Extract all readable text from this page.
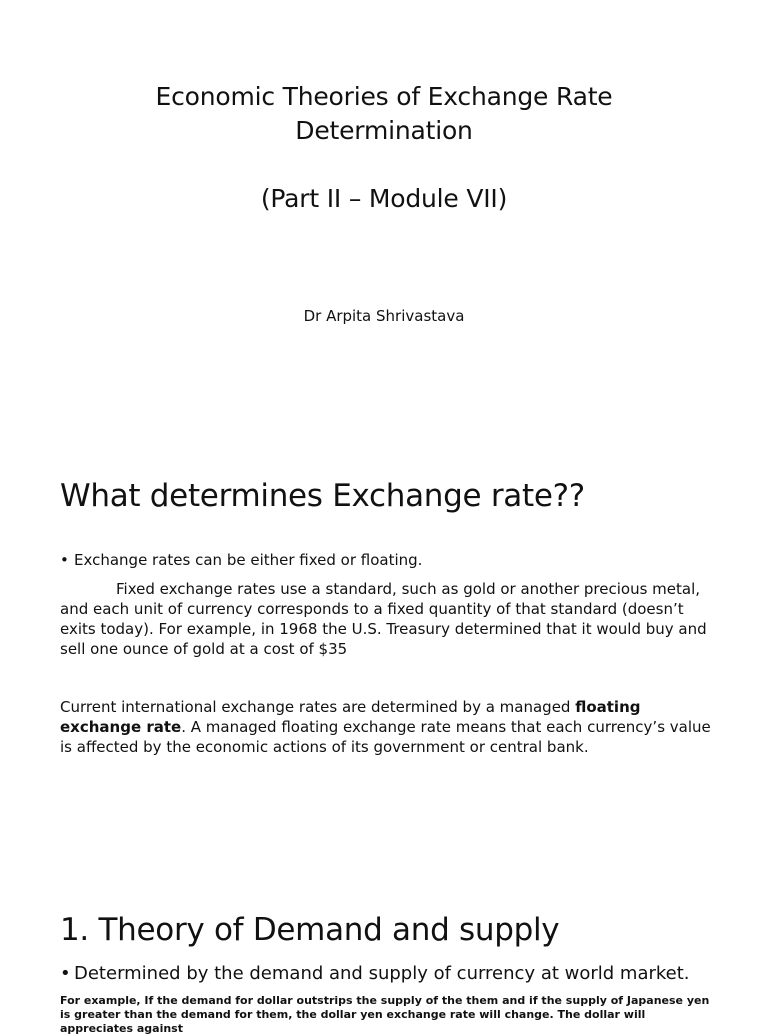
Economic Theories of Exchange Rate
Determination
(Part II – Module VII)
Dr Arpita Shrivastava
What determines Exchange rate??
• Exchange rates can be either fixed or floating.
Fixed exchange rates use a standard, such as gold or another precious metal, and each unit of currency corresponds to a fixed quantity of that standard (doesn’t exits today). For example, in 1968 the U.S. Treasury determined that it would buy and sell one ounce of gold at a cost of $35
Current international exchange rates are determined by a managed floating exchange rate. A managed floating exchange rate means that each currency’s value is affected by the economic actions of its government or central bank.
1. Theory of Demand and supply
• Determined by the demand and supply of currency at world market.
For example, If the demand for dollar outstrips the supply of the them and if the supply of Japanese yen is greater than the demand for them, the dollar yen exchange rate will change. The dollar will appreciates against
